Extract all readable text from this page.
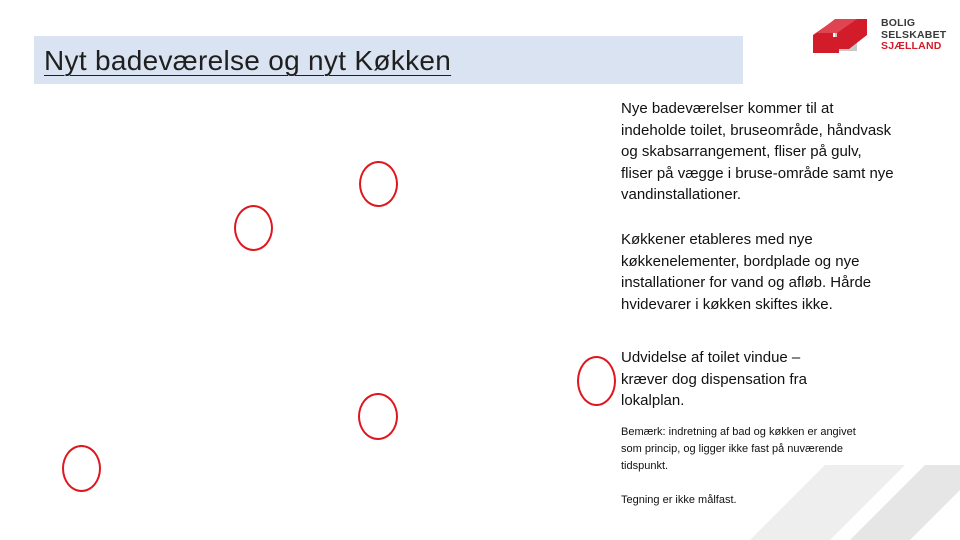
Nyt badeværelse og nyt Køkken
BOLIG
SELSKABET
SJÆLLAND
Nye badeværelser kommer til at indeholde toilet, bruseområde, håndvask og skabsarrangement, fliser på gulv, fliser på vægge i bruse-område samt nye vandinstallationer.
Køkkener etableres med nye køkkenelementer, bordplade og nye installationer for vand og afløb. Hårde hvidevarer i køkken skiftes ikke.
Udvidelse af toilet vindue – kræver dog dispensation fra lokalplan.
Bemærk: indretning af bad og køkken er angivet som princip, og ligger ikke fast på nuværende tidspunkt.
Tegning er ikke målfast.
